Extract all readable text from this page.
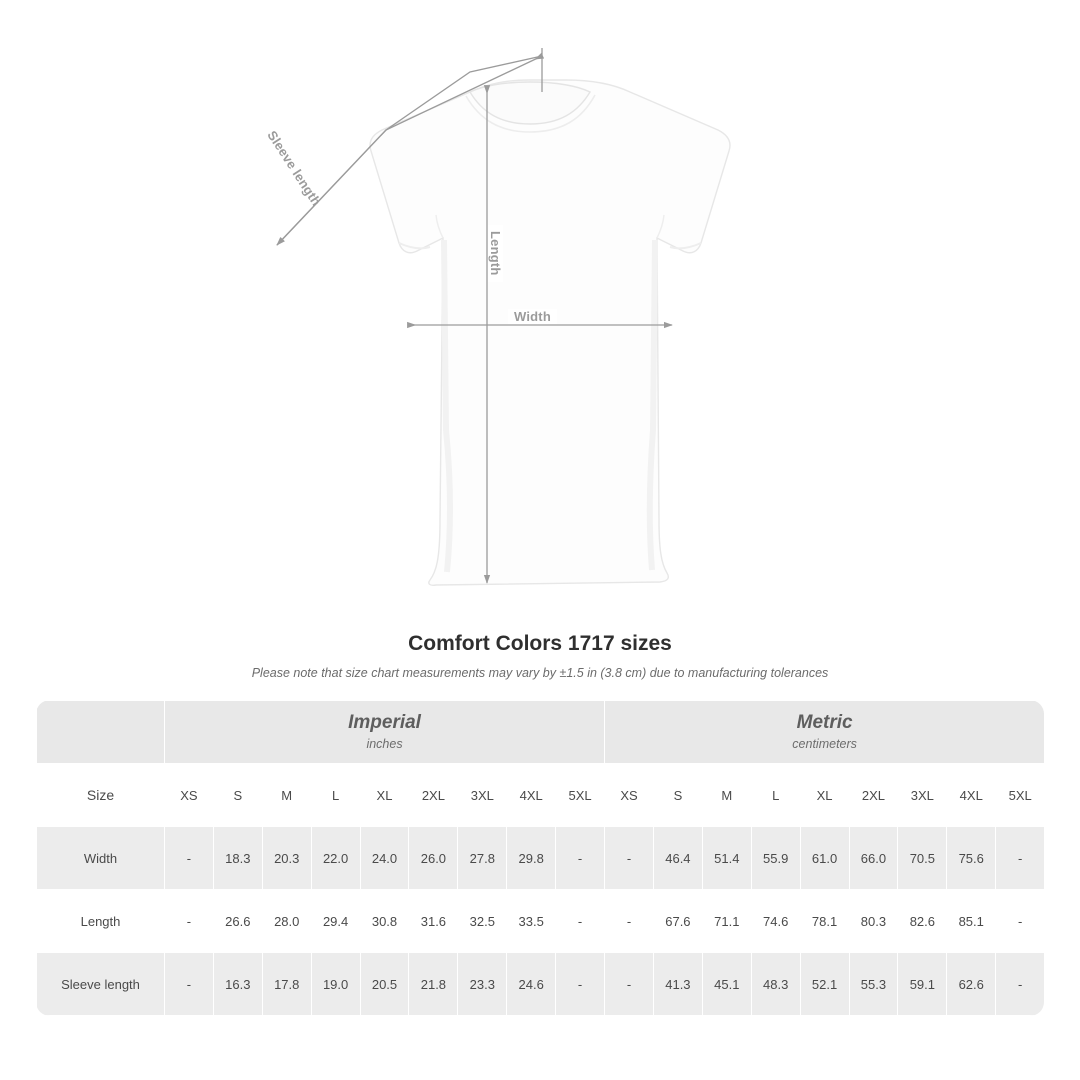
Width
Length
Sleeve length
Comfort Colors 1717 sizes

Please note that size chart measurements may vary by ±1.5 in (3.8 cm) due to manufacturing tolerances

	Imperial
inches									Metric
centimeters								

Size	XS	S	M	L	XL	2XL	3XL	4XL	5XL	XS	S	M	L	XL	2XL	3XL	4XL	5XL
Width	-	18.3	20.3	22.0	24.0	26.0	27.8	29.8	-	-	46.4	51.4	55.9	61.0	66.0	70.5	75.6	-
Length	-	26.6	28.0	29.4	30.8	31.6	32.5	33.5	-	-	67.6	71.1	74.6	78.1	80.3	82.6	85.1	-
Sleeve length	-	16.3	17.8	19.0	20.5	21.8	23.3	24.6	-	-	41.3	45.1	48.3	52.1	55.3	59.1	62.6	-
